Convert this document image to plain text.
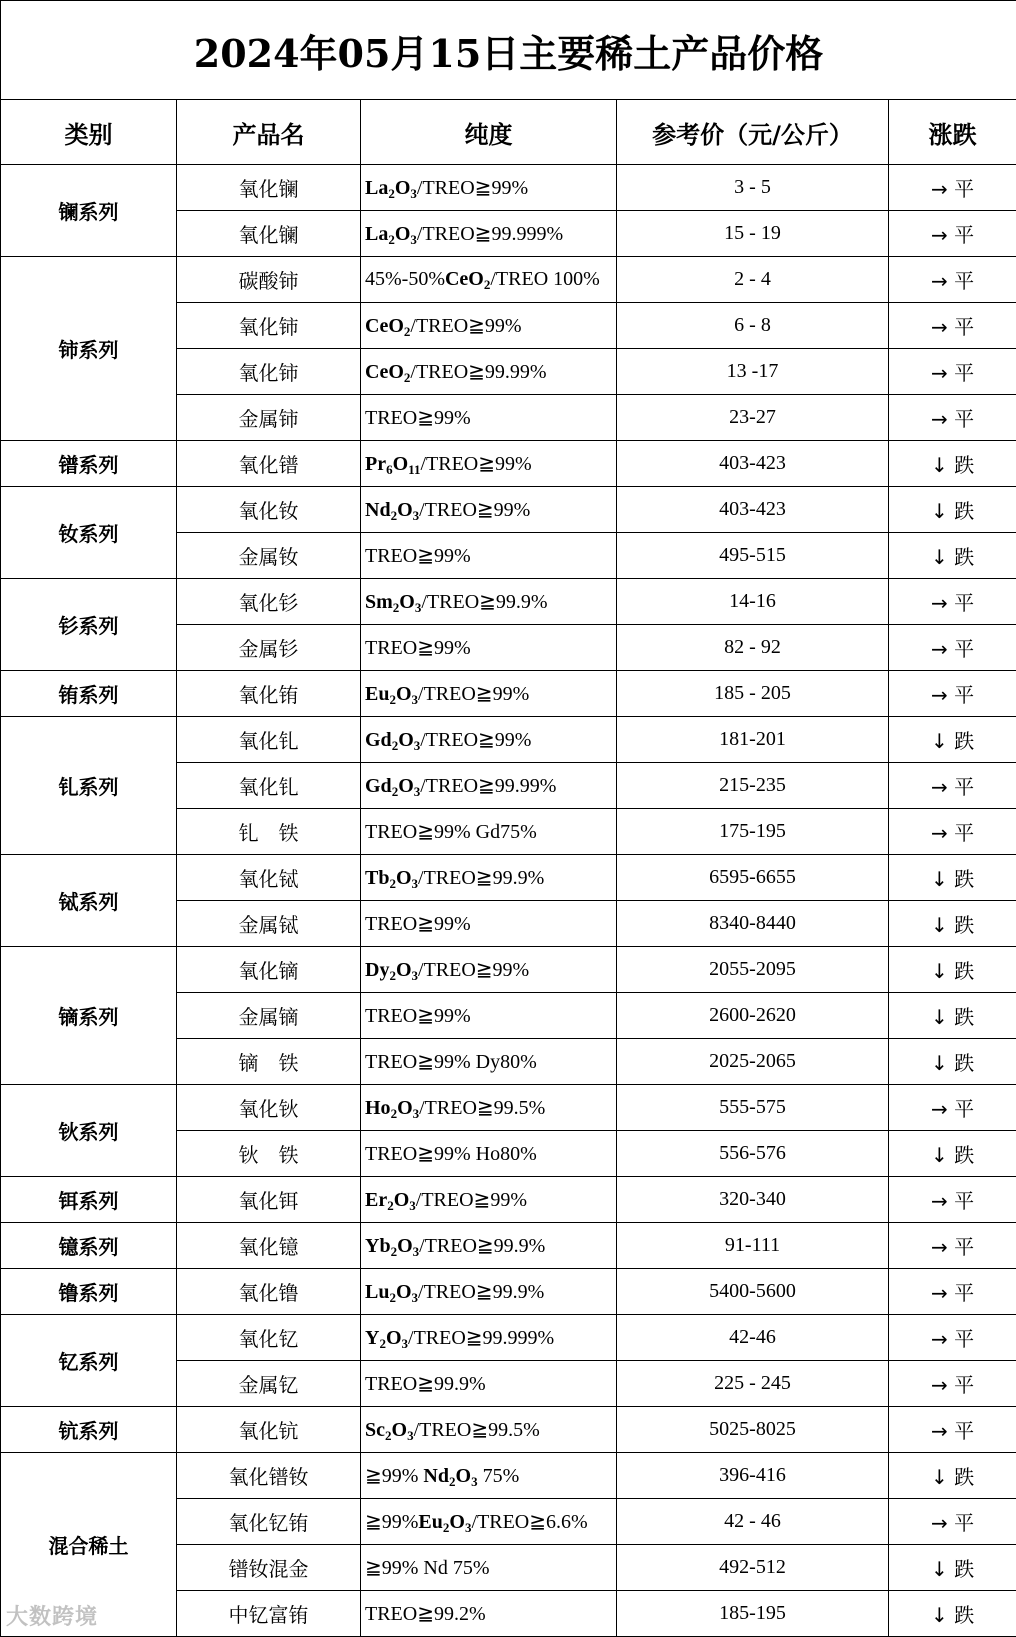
2024年05月15日主要稀土产品价格				
类别	产品名	纯度	参考价（元/公斤）	涨跌
镧系列	氧化镧	$La_2O_3/TREO≧99\%$	3 - 5	→ 平
	氧化镧	$La_2O_3/TREO≧99.999\%$	15 - 19	→ 平
铈系列	碳酸铈	45%-50%CeO$_2$/TREO 100%	2 - 4	→ 平
	氧化铈	CeO$_2$/TREO≧99%	6 - 8	→ 平
	氧化铈	CeO$_2$/TREO≧99.99%	13 -17	→ 平
	金属铈	TREO≧99%	23-27	→ 平
镨系列	氧化镨	$Pr_6O_{11}/TREO≧99\%$	403-423	↓ 跌
钕系列	氧化钕	$Nd_2O_3/TREO≧99\%$	403-423	↓ 跌
	金属钕	TREO≧99%	495-515	↓ 跌
钐系列	氧化钐	$Sm_2O_3/TREO≧99.9\%$	14-16	→ 平
	金属钐	TREO≧99%	82 - 92	→ 平
铕系列	氧化铕	$Eu_2O_3/TREO≧99\%$	185 - 205	→ 平
钆系列	氧化钆	$Gd_2O_3/TREO≧99\%$	181-201	↓ 跌
	氧化钆	$Gd_2O_3/TREO≧99.99\%$	215-235	→ 平
	钆　铁	TREO≧99% Gd75%	175-195	→ 平
铽系列	氧化铽	$Tb_2O_3/TREO≧99.9\%$	6595-6655	↓ 跌
	金属铽	TREO≧99%	8340-8440	↓ 跌
镝系列	氧化镝	$Dy_2O_3/TREO≧99\%$	2055-2095	↓ 跌
	金属镝	TREO≧99%	2600-2620	↓ 跌
	镝　铁	TREO≧99% Dy80%	2025-2065	↓ 跌
钬系列	氧化钬	$Ho_2O_3/TREO≧99.5\%$	555-575	→ 平
	钬　铁	TREO≧99% Ho80%	556-576	↓ 跌
铒系列	氧化铒	$Er_2O_3/TREO≧99\%$	320-340	→ 平
镱系列	氧化镱	$Yb_2O_3/TREO≧99.9\%$	91-111	→ 平
镥系列	氧化镥	$Lu_2O_3/TREO≧99.9\%$	5400-5600	→ 平
钇系列	氧化钇	$Y_2O_3/TREO≧99.999\%$	42-46	→ 平
	金属钇	TREO≧99.9%	225 - 245	→ 平
钪系列	氧化钪	$Sc_2O_3/TREO≧99.5\%$	5025-8025	→ 平
混合稀土	氧化镨钕	≧99% $Nd_2O_3$ 75%	396-416	↓ 跌
	氧化钇铕	$≧99\%Eu_2O_3/TREO≧6.6\%$	42 - 46	→ 平
	镨钕混金	≧99% Nd 75%	492-512	↓ 跌
	中钇富铕	TREO≧99.2%	185-195	↓ 跌
大数跨境
